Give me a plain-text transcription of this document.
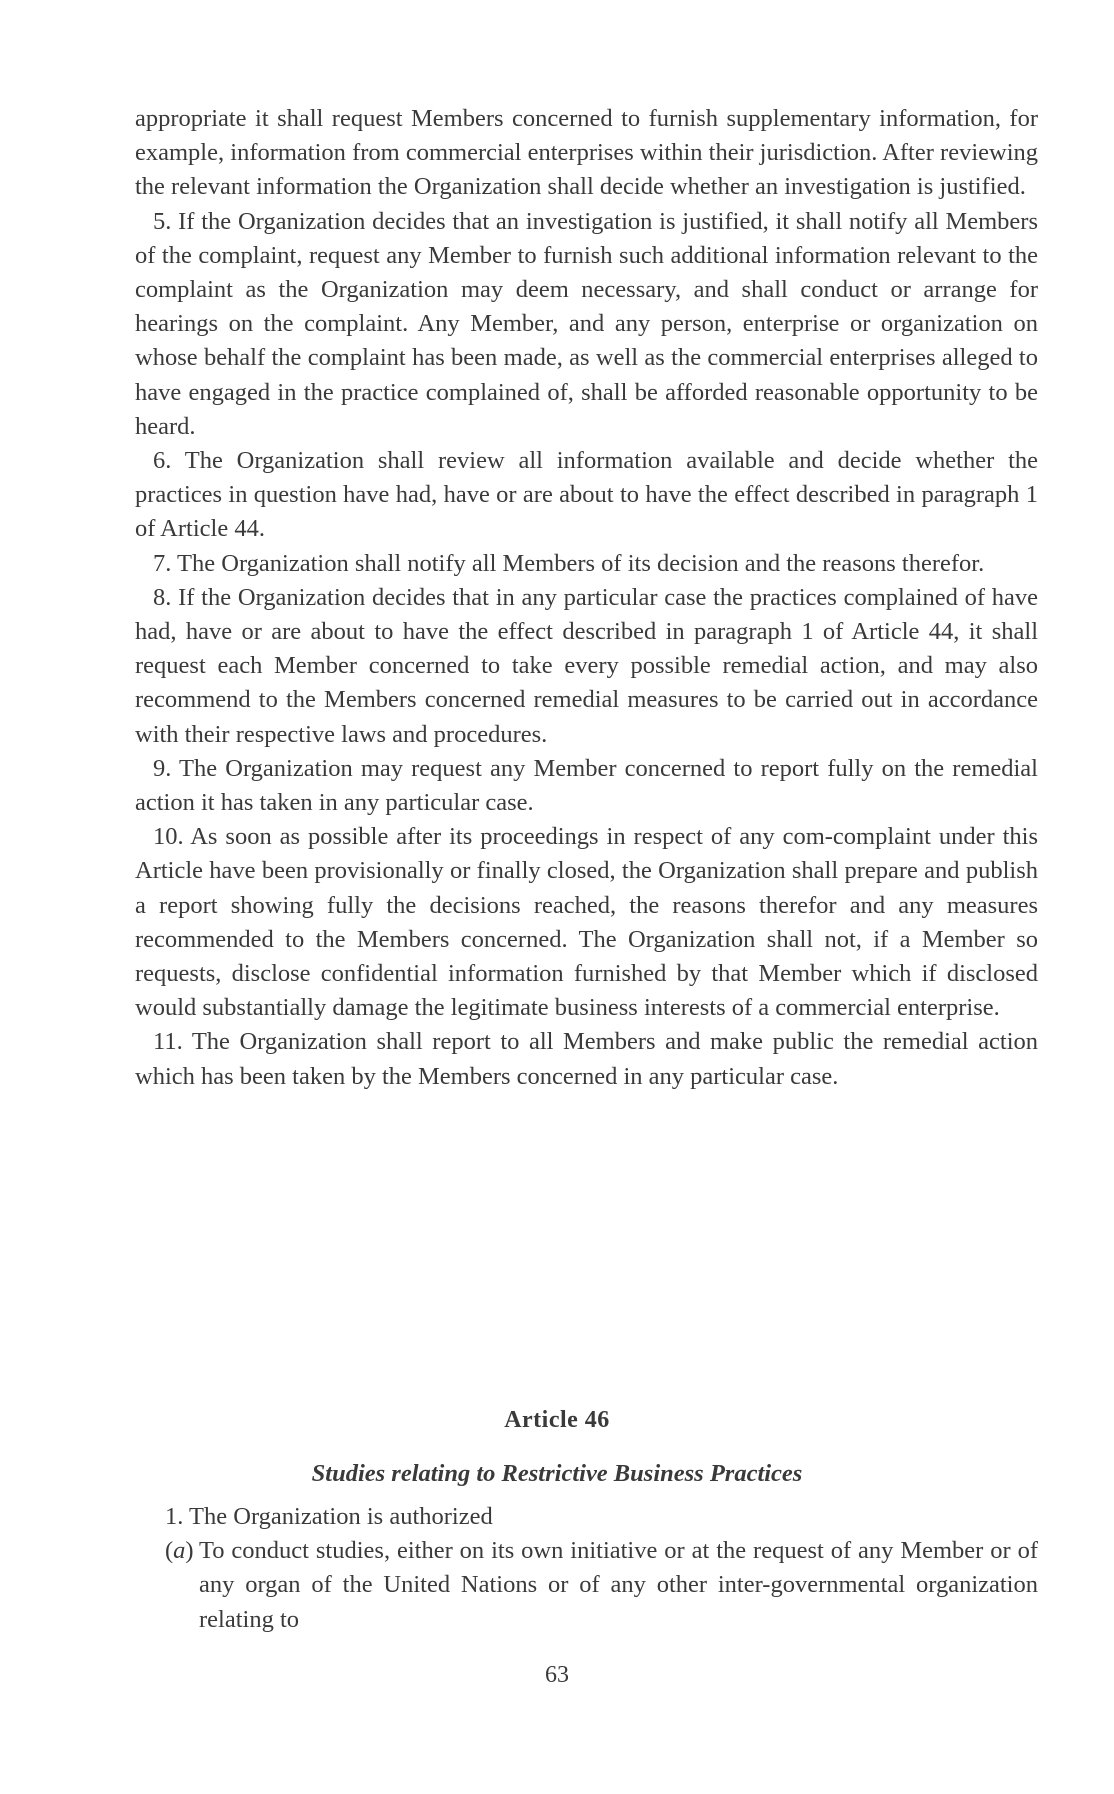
appropriate it shall request Members concerned to furnish supplementary information, for example, information from commercial enterprises within their jurisdiction. After reviewing the relevant information the Organization shall decide whether an investigation is justified.

5. If the Organization decides that an investigation is justified, it shall notify all Members of the complaint, request any Member to furnish such additional information relevant to the complaint as the Organization may deem necessary, and shall conduct or arrange for hearings on the complaint. Any Member, and any person, enterprise or organization on whose behalf the complaint has been made, as well as the commercial enterprises alleged to have engaged in the practice complained of, shall be afforded reasonable opportunity to be heard.

6. The Organization shall review all information available and decide whether the practices in question have had, have or are about to have the effect described in paragraph 1 of Article 44.

7. The Organization shall notify all Members of its decision and the reasons therefor.

8. If the Organization decides that in any particular case the practices complained of have had, have or are about to have the effect described in paragraph 1 of Article 44, it shall request each Member concerned to take every possible remedial action, and may also recommend to the Members concerned remedial measures to be carried out in accordance with their respective laws and procedures.

9. The Organization may request any Member concerned to report fully on the remedial action it has taken in any particular case.

10. As soon as possible after its proceedings in respect of any com-complaint under this Article have been provisionally or finally closed, the Organization shall prepare and publish a report showing fully the decisions reached, the reasons therefor and any measures recommended to the Members concerned. The Organization shall not, if a Member so requests, disclose confidential information furnished by that Member which if disclosed would substantially damage the legitimate business interests of a commercial enterprise.

11. The Organization shall report to all Members and make public the remedial action which has been taken by the Members concerned in any particular case.

Article 46
Studies relating to Restrictive Business Practices

1. The Organization is authorized

(a) To conduct studies, either on its own initiative or at the request of any Member or of any organ of the United Nations or of any other inter-governmental organization relating to

63
